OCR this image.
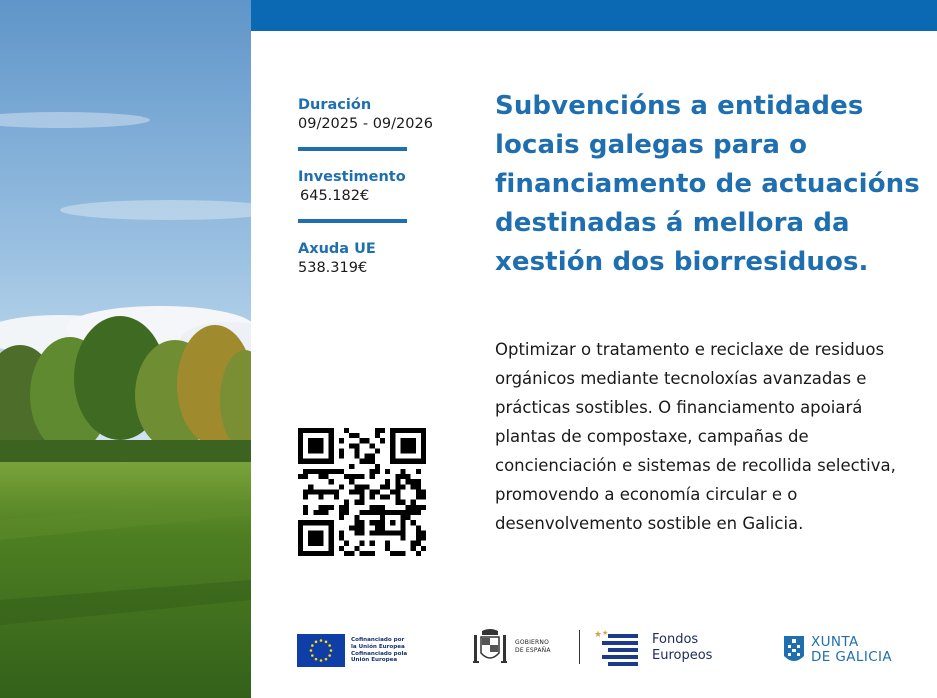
Duración
09/2025 - 09/2026
Investimento
645.182€
Axuda UE
538.319€
Subvencións a entidades locais galegas para o financiamento de actuacións destinadas á mellora da xestión dos biorresiduos.
Optimizar o tratamento e reciclaxe de residuos orgánicos mediante tecnoloxías avanzadas e prácticas sostibles. O financiamento apoiará plantas de compostaxe, campañas de concienciación e sistemas de recollida selectiva, promovendo a economía circular e o desenvolvemento sostible en Galicia.
Cofinanciado por
la Unión Europea
Cofinanciado pola
Unión Europea
GOBIERNO
DE ESPAÑA
★ ★	Fondos
Europeos
XUNTA
DE GALICIA
